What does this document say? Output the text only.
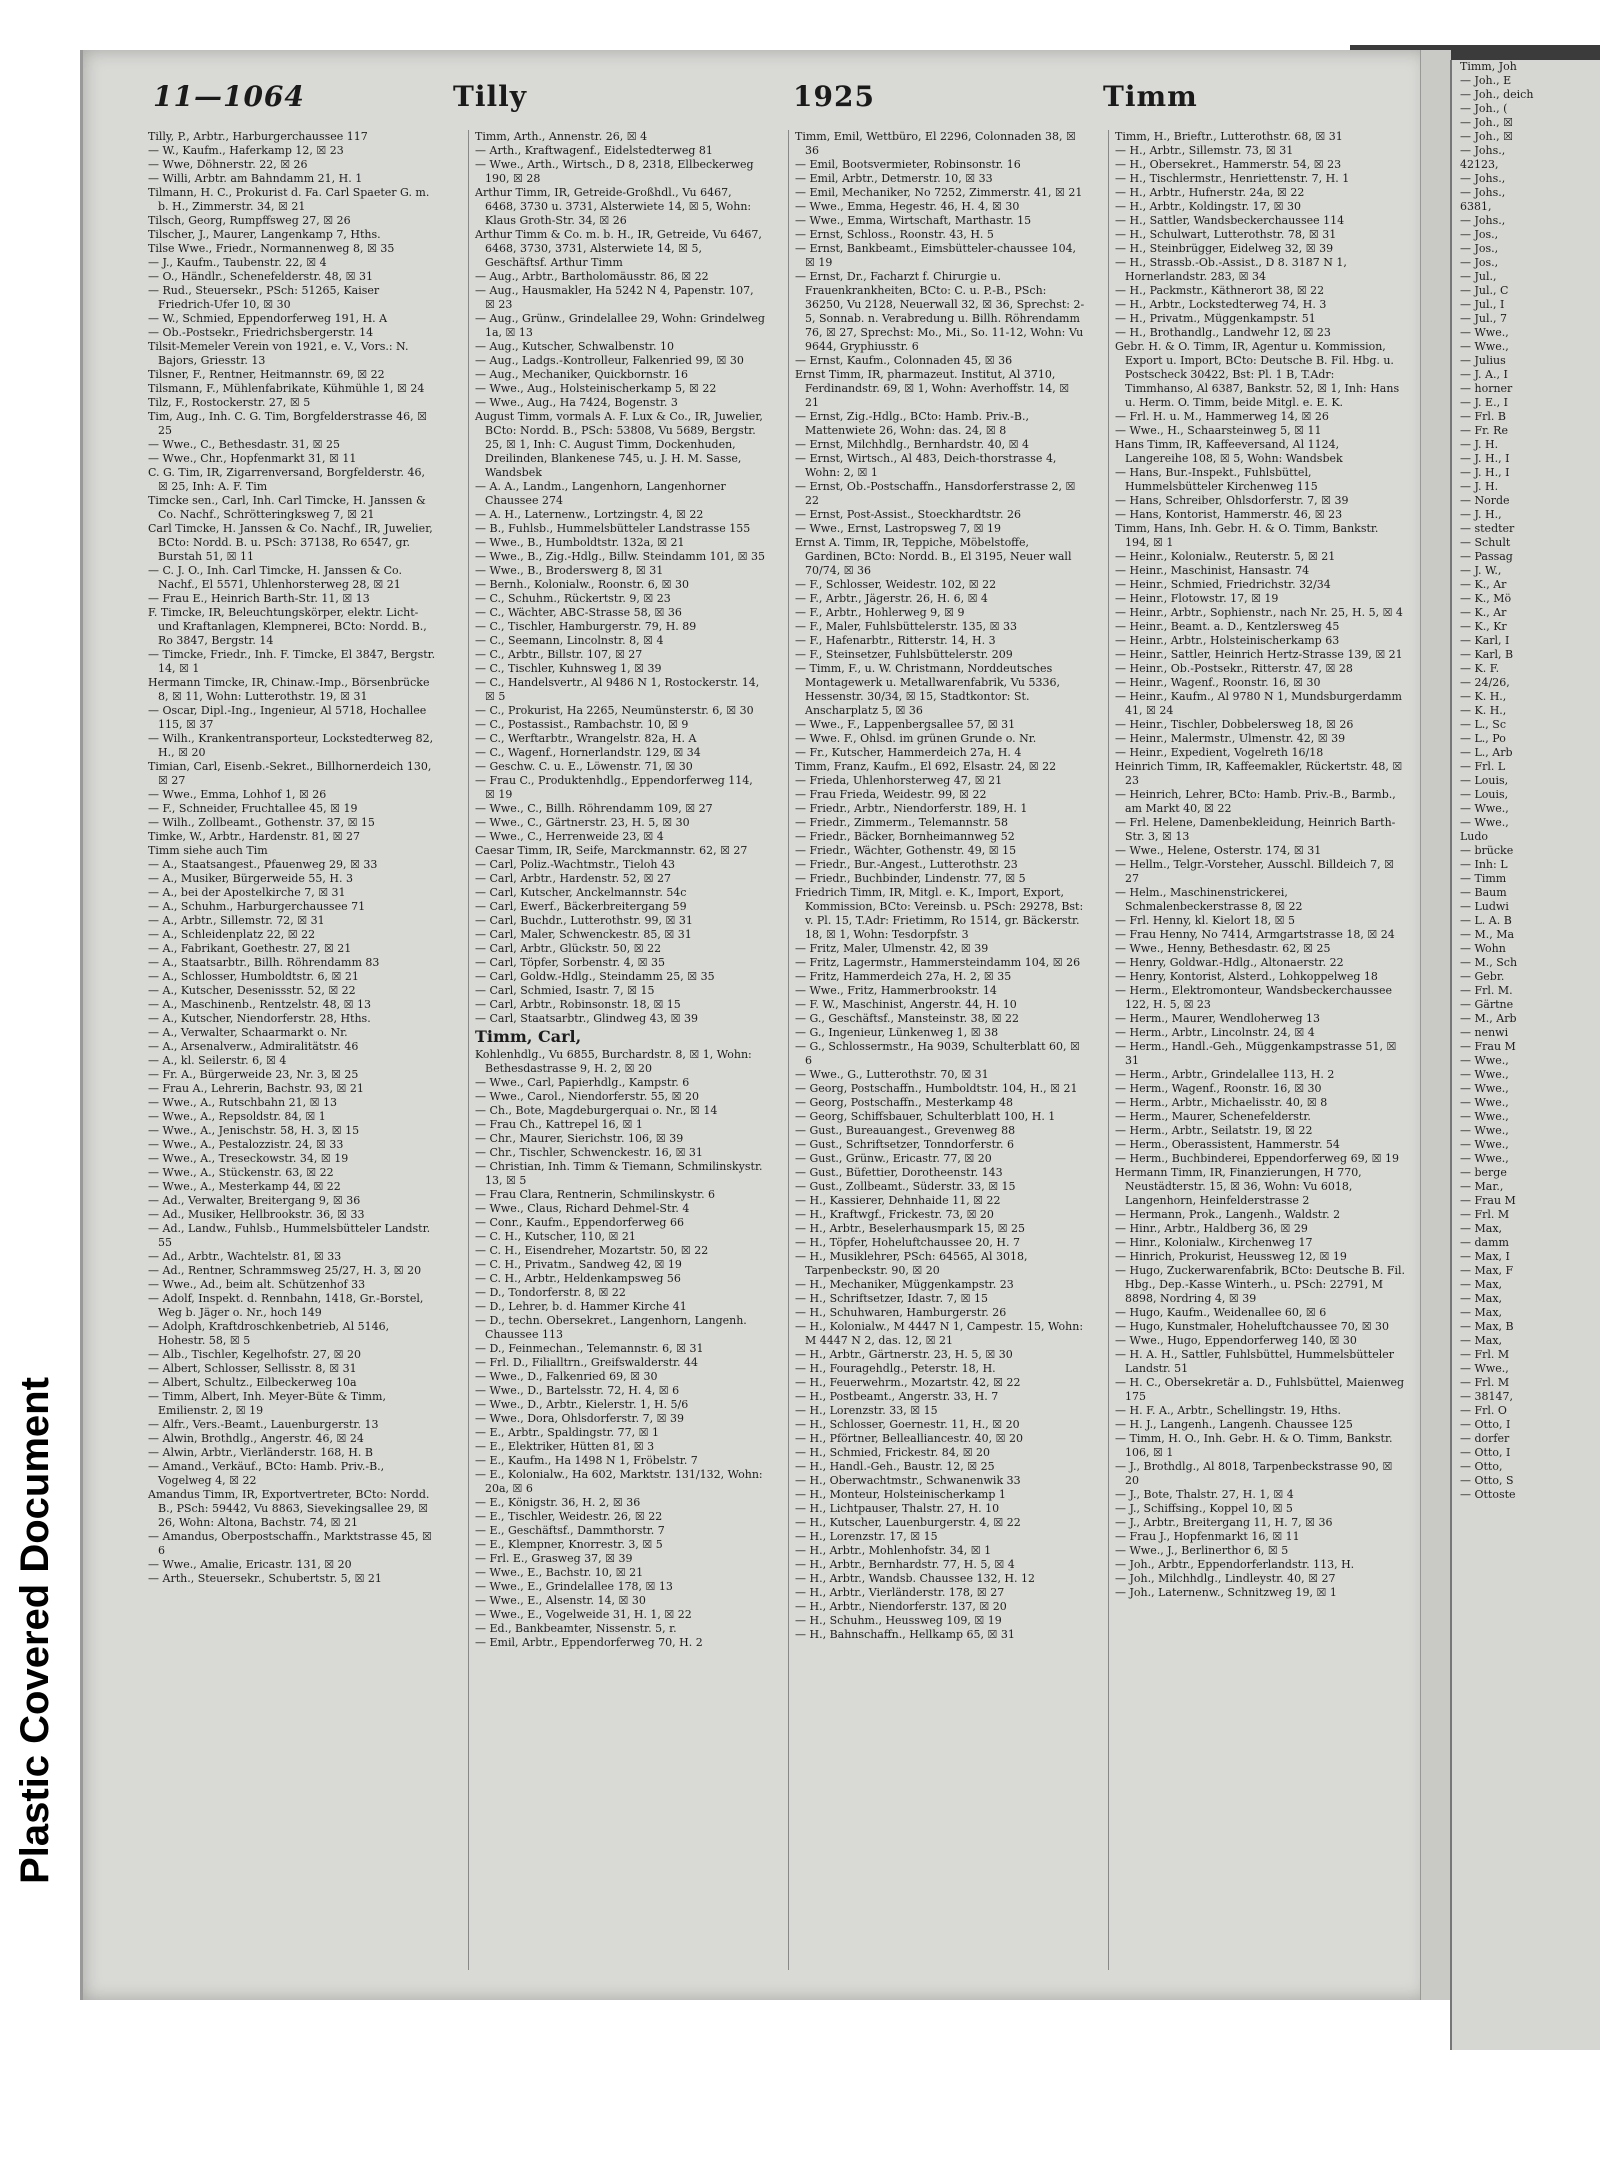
Plastic Covered Document
11—1064	Tilly	1925	Timm

Tilly, P., Arbtr., Harburgerchaussee 117

— W., Kaufm., Haferkamp 12, ☒ 23

— Wwe, Döhnerstr. 22, ☒ 26

— Willi, Arbtr. am Bahndamm 21, H. 1

Tilmann, H. C., Prokurist d. Fa. Carl Spaeter G. m. b. H., Zimmerstr. 34, ☒ 21

Tilsch, Georg, Rumpffsweg 27, ☒ 26

Tilscher, J., Maurer, Langenkamp 7, Hths.

Tilse Wwe., Friedr., Normannenweg 8, ☒ 35

— J., Kaufm., Taubenstr. 22, ☒ 4

— O., Händlr., Schenefelderstr. 48, ☒ 31

— Rud., Steuersekr., PSch: 51265, Kaiser Friedrich-Ufer 10, ☒ 30

— W., Schmied, Eppendorferweg 191, H. A

— Ob.-Postsekr., Friedrichsbergerstr. 14

Tilsit-Memeler Verein von 1921, e. V., Vors.: N. Bajors, Griesstr. 13

Tilsner, F., Rentner, Heitmannstr. 69, ☒ 22

Tilsmann, F., Mühlenfabrikate, Kühmühle 1, ☒ 24

Tilz, F., Rostockerstr. 27, ☒ 5

Tim, Aug., Inh. C. G. Tim, Borgfelderstrasse 46, ☒ 25

— Wwe., C., Bethesdastr. 31, ☒ 25

— Wwe., Chr., Hopfenmarkt 31, ☒ 11

C. G. Tim, IR, Zigarrenversand, Borgfelderstr. 46, ☒ 25, Inh: A. F. Tim

Timcke sen., Carl, Inh. Carl Timcke, H. Janssen & Co. Nachf., Schrötteringksweg 7, ☒ 21

Carl Timcke, H. Janssen & Co. Nachf., IR, Juwelier, BCto: Nordd. B. u. PSch: 37138, Ro 6547, gr. Burstah 51, ☒ 11

— C. J. O., Inh. Carl Timcke, H. Janssen & Co. Nachf., El 5571, Uhlenhorsterweg 28, ☒ 21

— Frau E., Heinrich Barth-Str. 11, ☒ 13

F. Timcke, IR, Beleuchtungskörper, elektr. Licht- und Kraftanlagen, Klempnerei, BCto: Nordd. B., Ro 3847, Bergstr. 14

— Timcke, Friedr., Inh. F. Timcke, El 3847, Bergstr. 14, ☒ 1

Hermann Timcke, IR, Chinaw.-Imp., Börsenbrücke 8, ☒ 11, Wohn: Lutterothstr. 19, ☒ 31

— Oscar, Dipl.-Ing., Ingenieur, Al 5718, Hochallee 115, ☒ 37

— Wilh., Krankentransporteur, Lockstedterweg 82, H., ☒ 20

Timian, Carl, Eisenb.-Sekret., Billhornerdeich 130, ☒ 27

— Wwe., Emma, Lohhof 1, ☒ 26

— F., Schneider, Fruchtallee 45, ☒ 19

— Wilh., Zollbeamt., Gothenstr. 37, ☒ 15

Timke, W., Arbtr., Hardenstr. 81, ☒ 27

Timm siehe auch Tim

— A., Staatsangest., Pfauenweg 29, ☒ 33

— A., Musiker, Bürgerweide 55, H. 3

— A., bei der Apostelkirche 7, ☒ 31

— A., Schuhm., Harburgerchaussee 71

— A., Arbtr., Sillemstr. 72, ☒ 31

— A., Schleidenplatz 22, ☒ 22

— A., Fabrikant, Goethestr. 27, ☒ 21

— A., Staatsarbtr., Billh. Röhrendamm 83

— A., Schlosser, Humboldtstr. 6, ☒ 21

— A., Kutscher, Desenissstr. 52, ☒ 22

— A., Maschinenb., Rentzelstr. 48, ☒ 13

— A., Kutscher, Niendorferstr. 28, Hths.

— A., Verwalter, Schaarmarkt o. Nr.

— A., Arsenalverw., Admiralitätstr. 46

— A., kl. Seilerstr. 6, ☒ 4

— Fr. A., Bürgerweide 23, Nr. 3, ☒ 25

— Frau A., Lehrerin, Bachstr. 93, ☒ 21

— Wwe., A., Rutschbahn 21, ☒ 13

— Wwe., A., Repsoldstr. 84, ☒ 1

— Wwe., A., Jenischstr. 58, H. 3, ☒ 15

— Wwe., A., Pestalozzistr. 24, ☒ 33

— Wwe., A., Treseckowstr. 34, ☒ 19

— Wwe., A., Stückenstr. 63, ☒ 22

— Wwe., A., Mesterkamp 44, ☒ 22

— Ad., Verwalter, Breitergang 9, ☒ 36

— Ad., Musiker, Hellbrookstr. 36, ☒ 33

— Ad., Landw., Fuhlsb., Hummelsbütteler Landstr. 55

— Ad., Arbtr., Wachtelstr. 81, ☒ 33

— Ad., Rentner, Schrammsweg 25/27, H. 3, ☒ 20

— Wwe., Ad., beim alt. Schützenhof 33

— Adolf, Inspekt. d. Rennbahn, 1418, Gr.-Borstel, Weg b. Jäger o. Nr., hoch 149

— Adolph, Kraftdroschkenbetrieb, Al 5146, Hohestr. 58, ☒ 5

— Alb., Tischler, Kegelhofstr. 27, ☒ 20

— Albert, Schlosser, Sellisstr. 8, ☒ 31

— Albert, Schultz., Eilbeckerweg 10a

— Timm, Albert, Inh. Meyer-Büte & Timm, Emilienstr. 2, ☒ 19

— Alfr., Vers.-Beamt., Lauenburgerstr. 13

— Alwin, Brothdlg., Angerstr. 46, ☒ 24

— Alwin, Arbtr., Vierländerstr. 168, H. B

— Amand., Verkäuf., BCto: Hamb. Priv.-B., Vogelweg 4, ☒ 22

Amandus Timm, IR, Exportvertreter, BCto: Nordd. B., PSch: 59442, Vu 8863, Sievekingsallee 29, ☒ 26, Wohn: Altona, Bachstr. 74, ☒ 21

— Amandus, Oberpostschaffn., Marktstrasse 45, ☒ 6

— Wwe., Amalie, Ericastr. 131, ☒ 20

— Arth., Steuersekr., Schubertstr. 5, ☒ 21

Timm, Arth., Annenstr. 26, ☒ 4

— Arth., Kraftwagenf., Eidelstedterweg 81

— Wwe., Arth., Wirtsch., D 8, 2318, Ellbeckerweg 190, ☒ 28

Arthur Timm, IR, Getreide-Großhdl., Vu 6467, 6468, 3730 u. 3731, Alsterwiete 14, ☒ 5, Wohn: Klaus Groth-Str. 34, ☒ 26

Arthur Timm & Co. m. b. H., IR, Getreide, Vu 6467, 6468, 3730, 3731, Alsterwiete 14, ☒ 5, Geschäftsf. Arthur Timm

— Aug., Arbtr., Bartholomäusstr. 86, ☒ 22

— Aug., Hausmakler, Ha 5242 N 4, Papenstr. 107, ☒ 23

— Aug., Grünw., Grindelallee 29, Wohn: Grindelweg 1a, ☒ 13

— Aug., Kutscher, Schwalbenstr. 10

— Aug., Ladgs.-Kontrolleur, Falkenried 99, ☒ 30

— Aug., Mechaniker, Quickbornstr. 16

— Wwe., Aug., Holsteinischerkamp 5, ☒ 22

— Wwe., Aug., Ha 7424, Bogenstr. 3

August Timm, vormals A. F. Lux & Co., IR, Juwelier, BCto: Nordd. B., PSch: 53808, Vu 5689, Bergstr. 25, ☒ 1, Inh: C. August Timm, Dockenhuden, Dreilinden, Blankenese 745, u. J. H. M. Sasse, Wandsbek

— A. A., Landm., Langenhorn, Langenhorner Chaussee 274

— A. H., Laternenw., Lortzingstr. 4, ☒ 22

— B., Fuhlsb., Hummelsbütteler Landstrasse 155

— Wwe., B., Humboldtstr. 132a, ☒ 21

— Wwe., B., Zig.-Hdlg., Billw. Steindamm 101, ☒ 35

— Wwe., B., Broderswerg 8, ☒ 31

— Bernh., Kolonialw., Roonstr. 6, ☒ 30

— C., Schuhm., Rückertstr. 9, ☒ 23

— C., Wächter, ABC-Strasse 58, ☒ 36

— C., Tischler, Hamburgerstr. 79, H. 89

— C., Seemann, Lincolnstr. 8, ☒ 4

— C., Arbtr., Billstr. 107, ☒ 27

— C., Tischler, Kuhnsweg 1, ☒ 39

— C., Handelsvertr., Al 9486 N 1, Rostockerstr. 14, ☒ 5

— C., Prokurist, Ha 2265, Neumünsterstr. 6, ☒ 30

— C., Postassist., Rambachstr. 10, ☒ 9

— C., Werftarbtr., Wrangelstr. 82a, H. A

— C., Wagenf., Hornerlandstr. 129, ☒ 34

— Geschw. C. u. E., Löwenstr. 71, ☒ 30

— Frau C., Produktenhdlg., Eppendorferweg 114, ☒ 19

— Wwe., C., Billh. Röhrendamm 109, ☒ 27

— Wwe., C., Gärtnerstr. 23, H. 5, ☒ 30

— Wwe., C., Herrenweide 23, ☒ 4

Caesar Timm, IR, Seife, Marckmannstr. 62, ☒ 27

— Carl, Poliz.-Wachtmstr., Tieloh 43

— Carl, Arbtr., Hardenstr. 52, ☒ 27

— Carl, Kutscher, Anckelmannstr. 54c

— Carl, Ewerf., Bäckerbreitergang 59

— Carl, Buchdr., Lutterothstr. 99, ☒ 31

— Carl, Maler, Schwenckestr. 85, ☒ 31

— Carl, Arbtr., Glückstr. 50, ☒ 22

— Carl, Töpfer, Sorbenstr. 4, ☒ 35

— Carl, Goldw.-Hdlg., Steindamm 25, ☒ 35

— Carl, Schmied, Isastr. 7, ☒ 15

— Carl, Arbtr., Robinsonstr. 18, ☒ 15

— Carl, Staatsarbtr., Glindweg 43, ☒ 39

Timm, Carl,

Kohlenhdlg., Vu 6855, Burchardstr. 8, ☒ 1, Wohn: Bethesdastrasse 9, H. 2, ☒ 20

— Wwe., Carl, Papierhdlg., Kampstr. 6

— Wwe., Carol., Niendorferstr. 55, ☒ 20

— Ch., Bote, Magdeburgerquai o. Nr., ☒ 14

— Frau Ch., Kattrepel 16, ☒ 1

— Chr., Maurer, Sierichstr. 106, ☒ 39

— Chr., Tischler, Schwenckestr. 16, ☒ 31

— Christian, Inh. Timm & Tiemann, Schmilinskystr. 13, ☒ 5

— Frau Clara, Rentnerin, Schmilinskystr. 6

— Wwe., Claus, Richard Dehmel-Str. 4

— Conr., Kaufm., Eppendorferweg 66

— C. H., Kutscher, 110, ☒ 21

— C. H., Eisendreher, Mozartstr. 50, ☒ 22

— C. H., Privatm., Sandweg 42, ☒ 19

— C. H., Arbtr., Heldenkampsweg 56

— D., Tondorferstr. 8, ☒ 22

— D., Lehrer, b. d. Hammer Kirche 41

— D., techn. Obersekret., Langenhorn, Langenh. Chaussee 113

— D., Feinmechan., Telemannstr. 6, ☒ 31

— Frl. D., Filialltrn., Greifswalderstr. 44

— Wwe., D., Falkenried 69, ☒ 30

— Wwe., D., Bartelsstr. 72, H. 4, ☒ 6

— Wwe., D., Arbtr., Kielerstr. 1, H. 5/6

— Wwe., Dora, Ohlsdorferstr. 7, ☒ 39

— E., Arbtr., Spaldingstr. 77, ☒ 1

— E., Elektriker, Hütten 81, ☒ 3

— E., Kaufm., Ha 1498 N 1, Fröbelstr. 7

— E., Kolonialw., Ha 602, Marktstr. 131/132, Wohn: 20a, ☒ 6

— E., Königstr. 36, H. 2, ☒ 36

— E., Tischler, Weidestr. 26, ☒ 22

— E., Geschäftsf., Dammthorstr. 7

— E., Klempner, Knorrestr. 3, ☒ 5

— Frl. E., Grasweg 37, ☒ 39

— Wwe., E., Bachstr. 10, ☒ 21

— Wwe., E., Grindelallee 178, ☒ 13

— Wwe., E., Alsenstr. 14, ☒ 30

— Wwe., E., Vogelweide 31, H. 1, ☒ 22

— Ed., Bankbeamter, Nissenstr. 5, r.

— Emil, Arbtr., Eppendorferweg 70, H. 2

Timm, Emil, Wettbüro, El 2296, Colonnaden 38, ☒ 36

— Emil, Bootsvermieter, Robinsonstr. 16

— Emil, Arbtr., Detmerstr. 10, ☒ 33

— Emil, Mechaniker, No 7252, Zimmerstr. 41, ☒ 21

— Wwe., Emma, Hegestr. 46, H. 4, ☒ 30

— Wwe., Emma, Wirtschaft, Marthastr. 15

— Ernst, Schloss., Roonstr. 43, H. 5

— Ernst, Bankbeamt., Eimsbütteler-chaussee 104, ☒ 19

— Ernst, Dr., Facharzt f. Chirurgie u. Frauenkrankheiten, BCto: C. u. P.-B., PSch: 36250, Vu 2128, Neuerwall 32, ☒ 36, Sprechst: 2-5, Sonnab. n. Verabredung u. Billh. Röhrendamm 76, ☒ 27, Sprechst: Mo., Mi., So. 11-12, Wohn: Vu 9644, Gryphiusstr. 6

— Ernst, Kaufm., Colonnaden 45, ☒ 36

Ernst Timm, IR, pharmazeut. Institut, Al 3710, Ferdinandstr. 69, ☒ 1, Wohn: Averhoffstr. 14, ☒ 21

— Ernst, Zig.-Hdlg., BCto: Hamb. Priv.-B., Mattenwiete 26, Wohn: das. 24, ☒ 8

— Ernst, Milchhdlg., Bernhardstr. 40, ☒ 4

— Ernst, Wirtsch., Al 483, Deich-thorstrasse 4, Wohn: 2, ☒ 1

— Ernst, Ob.-Postschaffn., Hansdorferstrasse 2, ☒ 22

— Ernst, Post-Assist., Stoeckhardtstr. 26

— Wwe., Ernst, Lastropsweg 7, ☒ 19

Ernst A. Timm, IR, Teppiche, Möbelstoffe, Gardinen, BCto: Nordd. B., El 3195, Neuer wall 70/74, ☒ 36

— F., Schlosser, Weidestr. 102, ☒ 22

— F., Arbtr., Jägerstr. 26, H. 6, ☒ 4

— F., Arbtr., Hohlerweg 9, ☒ 9

— F., Maler, Fuhlsbüttelerstr. 135, ☒ 33

— F., Hafenarbtr., Ritterstr. 14, H. 3

— F., Steinsetzer, Fuhlsbüttelerstr. 209

— Timm, F., u. W. Christmann, Norddeutsches Montagewerk u. Metallwarenfabrik, Vu 5336, Hessenstr. 30/34, ☒ 15, Stadtkontor: St. Anscharplatz 5, ☒ 36

— Wwe., F., Lappenbergsallee 57, ☒ 31

— Wwe. F., Ohlsd. im grünen Grunde o. Nr.

— Fr., Kutscher, Hammerdeich 27a, H. 4

Timm, Franz, Kaufm., El 692, Elsastr. 24, ☒ 22

— Frieda, Uhlenhorsterweg 47, ☒ 21

— Frau Frieda, Weidestr. 99, ☒ 22

— Friedr., Arbtr., Niendorferstr. 189, H. 1

— Friedr., Zimmerm., Telemannstr. 58

— Friedr., Bäcker, Bornheimannweg 52

— Friedr., Wächter, Gothenstr. 49, ☒ 15

— Friedr., Bur.-Angest., Lutterothstr. 23

— Friedr., Buchbinder, Lindenstr. 77, ☒ 5

Friedrich Timm, IR, Mitgl. e. K., Import, Export, Kommission, BCto: Vereinsb. u. PSch: 29278, Bst: v. Pl. 15, T.Adr: Frietimm, Ro 1514, gr. Bäckerstr. 18, ☒ 1, Wohn: Tesdorpfstr. 3

— Fritz, Maler, Ulmenstr. 42, ☒ 39

— Fritz, Lagermstr., Hammersteindamm 104, ☒ 26

— Fritz, Hammerdeich 27a, H. 2, ☒ 35

— Wwe., Fritz, Hammerbrookstr. 14

— F. W., Maschinist, Angerstr. 44, H. 10

— G., Geschäftsf., Mansteinstr. 38, ☒ 22

— G., Ingenieur, Lünkenweg 1, ☒ 38

— G., Schlossermstr., Ha 9039, Schulterblatt 60, ☒ 6

— Wwe., G., Lutterothstr. 70, ☒ 31

— Georg, Postschaffn., Humboldtstr. 104, H., ☒ 21

— Georg, Postschaffn., Mesterkamp 48

— Georg, Schiffsbauer, Schulterblatt 100, H. 1

— Gust., Bureauangest., Grevenweg 88

— Gust., Schriftsetzer, Tonndorferstr. 6

— Gust., Grünw., Ericastr. 77, ☒ 20

— Gust., Büfettier, Dorotheenstr. 143

— Gust., Zollbeamt., Süderstr. 33, ☒ 15

— H., Kassierer, Dehnhaide 11, ☒ 22

— H., Kraftwgf., Frickestr. 73, ☒ 20

— H., Arbtr., Beselerhausmpark 15, ☒ 25

— H., Töpfer, Hoheluftchaussee 20, H. 7

— H., Musiklehrer, PSch: 64565, Al 3018, Tarpenbeckstr. 90, ☒ 20

— H., Mechaniker, Müggenkampstr. 23

— H., Schriftsetzer, Idastr. 7, ☒ 15

— H., Schuhwaren, Hamburgerstr. 26

— H., Kolonialw., M 4447 N 1, Campestr. 15, Wohn: M 4447 N 2, das. 12, ☒ 21

— H., Arbtr., Gärtnerstr. 23, H. 5, ☒ 30

— H., Fouragehdlg., Peterstr. 18, H.

— H., Feuerwehrm., Mozartstr. 42, ☒ 22

— H., Postbeamt., Angerstr. 33, H. 7

— H., Lorenzstr. 33, ☒ 15

— H., Schlosser, Goernestr. 11, H., ☒ 20

— H., Pförtner, Bellealliancestr. 40, ☒ 20

— H., Schmied, Frickestr. 84, ☒ 20

— H., Handl.-Geh., Baustr. 12, ☒ 25

— H., Oberwachtmstr., Schwanenwik 33

— H., Monteur, Holsteinischerkamp 1

— H., Lichtpauser, Thalstr. 27, H. 10

— H., Kutscher, Lauenburgerstr. 4, ☒ 22

— H., Lorenzstr. 17, ☒ 15

— H., Arbtr., Mohlenhofstr. 34, ☒ 1

— H., Arbtr., Bernhardstr. 77, H. 5, ☒ 4

— H., Arbtr., Wandsb. Chaussee 132, H. 12

— H., Arbtr., Vierländerstr. 178, ☒ 27

— H., Arbtr., Niendorferstr. 137, ☒ 20

— H., Schuhm., Heussweg 109, ☒ 19

— H., Bahnschaffn., Hellkamp 65, ☒ 31

Timm, H., Brieftr., Lutterothstr. 68, ☒ 31

— H., Arbtr., Sillemstr. 73, ☒ 31

— H., Obersekret., Hammerstr. 54, ☒ 23

— H., Tischlermstr., Henriettenstr. 7, H. 1

— H., Arbtr., Hufnerstr. 24a, ☒ 22

— H., Arbtr., Koldingstr. 17, ☒ 30

— H., Sattler, Wandsbeckerchaussee 114

— H., Schulwart, Lutterothstr. 78, ☒ 31

— H., Steinbrügger, Eidelweg 32, ☒ 39

— H., Strassb.-Ob.-Assist., D 8. 3187 N 1, Hornerlandstr. 283, ☒ 34

— H., Packmstr., Käthnerort 38, ☒ 22

— H., Arbtr., Lockstedterweg 74, H. 3

— H., Privatm., Müggenkampstr. 51

— H., Brothandlg., Landwehr 12, ☒ 23

Gebr. H. & O. Timm, IR, Agentur u. Kommission, Export u. Import, BCto: Deutsche B. Fil. Hbg. u. Postscheck 30422, Bst: Pl. 1 B, T.Adr: Timmhanso, Al 6387, Bankstr. 52, ☒ 1, Inh: Hans u. Herm. O. Timm, beide Mitgl. e. E. K.

— Frl. H. u. M., Hammerweg 14, ☒ 26

— Wwe., H., Schaarsteinweg 5, ☒ 11

Hans Timm, IR, Kaffeeversand, Al 1124, Langereihe 108, ☒ 5, Wohn: Wandsbek

— Hans, Bur.-Inspekt., Fuhlsbüttel, Hummelsbütteler Kirchenweg 115

— Hans, Schreiber, Ohlsdorferstr. 7, ☒ 39

— Hans, Kontorist, Hammerstr. 46, ☒ 23

Timm, Hans, Inh. Gebr. H. & O. Timm, Bankstr. 194, ☒ 1

— Heinr., Kolonialw., Reuterstr. 5, ☒ 21

— Heinr., Maschinist, Hansastr. 74

— Heinr., Schmied, Friedrichstr. 32/34

— Heinr., Flotowstr. 17, ☒ 19

— Heinr., Arbtr., Sophienstr., nach Nr. 25, H. 5, ☒ 4

— Heinr., Beamt. a. D., Kentzlersweg 45

— Heinr., Arbtr., Holsteinischerkamp 63

— Heinr., Sattler, Heinrich Hertz-Strasse 139, ☒ 21

— Heinr., Ob.-Postsekr., Ritterstr. 47, ☒ 28

— Heinr., Wagenf., Roonstr. 16, ☒ 30

— Heinr., Kaufm., Al 9780 N 1, Mundsburgerdamm 41, ☒ 24

— Heinr., Tischler, Dobbelersweg 18, ☒ 26

— Heinr., Malermstr., Ulmenstr. 42, ☒ 39

— Heinr., Expedient, Vogelreth 16/18

Heinrich Timm, IR, Kaffeemakler, Rückertstr. 48, ☒ 23

— Heinrich, Lehrer, BCto: Hamb. Priv.-B., Barmb., am Markt 40, ☒ 22

— Frl. Helene, Damenbekleidung, Heinrich Barth-Str. 3, ☒ 13

— Wwe., Helene, Osterstr. 174, ☒ 31

— Hellm., Telgr.-Vorsteher, Ausschl. Billdeich 7, ☒ 27

— Helm., Maschinenstrickerei, Schmalenbeckerstrasse 8, ☒ 22

— Frl. Henny, kl. Kielort 18, ☒ 5

— Frau Henny, No 7414, Armgartstrasse 18, ☒ 24

— Wwe., Henny, Bethesdastr. 62, ☒ 25

— Henry, Goldwar.-Hdlg., Altonaerstr. 22

— Henry, Kontorist, Alsterd., Lohkoppelweg 18

— Herm., Elektromonteur, Wandsbeckerchaussee 122, H. 5, ☒ 23

— Herm., Maurer, Wendloherweg 13

— Herm., Arbtr., Lincolnstr. 24, ☒ 4

— Herm., Handl.-Geh., Müggenkampstrasse 51, ☒ 31

— Herm., Arbtr., Grindelallee 113, H. 2

— Herm., Wagenf., Roonstr. 16, ☒ 30

— Herm., Arbtr., Michaelisstr. 40, ☒ 8

— Herm., Maurer, Schenefelderstr.

— Herm., Arbtr., Seilatstr. 19, ☒ 22

— Herm., Oberassistent, Hammerstr. 54

— Herm., Buchbinderei, Eppendorferweg 69, ☒ 19

Hermann Timm, IR, Finanzierungen, H 770, Neustädterstr. 15, ☒ 36, Wohn: Vu 6018, Langenhorn, Heinfelderstrasse 2

— Hermann, Prok., Langenh., Waldstr. 2

— Hinr., Arbtr., Haldberg 36, ☒ 29

— Hinr., Kolonialw., Kirchenweg 17

— Hinrich, Prokurist, Heussweg 12, ☒ 19

— Hugo, Zuckerwarenfabrik, BCto: Deutsche B. Fil. Hbg., Dep.-Kasse Winterh., u. PSch: 22791, M 8898, Nordring 4, ☒ 39

— Hugo, Kaufm., Weidenallee 60, ☒ 6

— Hugo, Kunstmaler, Hoheluftchaussee 70, ☒ 30

— Wwe., Hugo, Eppendorferweg 140, ☒ 30

— H. A. H., Sattler, Fuhlsbüttel, Hummelsbütteler Landstr. 51

— H. C., Obersekretär a. D., Fuhlsbüttel, Maienweg 175

— H. F. A., Arbtr., Schellingstr. 19, Hths.

— H. J., Langenh., Langenh. Chaussee 125

— Timm, H. O., Inh. Gebr. H. & O. Timm, Bankstr. 106, ☒ 1

— J., Brothdlg., Al 8018, Tarpenbeckstrasse 90, ☒ 20

— J., Bote, Thalstr. 27, H. 1, ☒ 4

— J., Schiffsing., Koppel 10, ☒ 5

— J., Arbtr., Breitergang 11, H. 7, ☒ 36

— Frau J., Hopfenmarkt 16, ☒ 11

— Wwe., J., Berlinerthor 6, ☒ 5

— Joh., Arbtr., Eppendorferlandstr. 113, H.

— Joh., Milchhdlg., Lindleystr. 40, ☒ 27

— Joh., Laternenw., Schnitzweg 19, ☒ 1

Timm, Joh

— Joh., E

— Joh., deich

— Joh., (

— Joh., ☒

— Joh., ☒

— Johs.,

42123,

— Johs.,

— Johs.,

6381,

— Johs.,

— Jos.,

— Jos.,

— Jos.,

— Jul.,

— Jul., C

— Jul., I

— Jul., 7

— Wwe.,

— Wwe.,

— Julius

— J. A., I

— horner

— J. E., I

— Frl. B

— Fr. Re

— J. H.

— J. H., I

— J. H., I

— J. H.

— Norde

— J. H.,

— stedter

— Schult

— Passag

— J. W.,

— K., Ar

— K., Mö

— K., Ar

— K., Kr

— Karl, I

— Karl, B

— K. F.

— 24/26,

— K. H.,

— K. H.,

— L., Sc

— L., Po

— L., Arb

— Frl. L

— Louis,

— Louis,

— Wwe.,

— Wwe.,

Ludo

— brücke

— Inh: L

— Timm

— Baum

— Ludwi

— L. A. B

— M., Ma

— Wohn

— M., Sch

— Gebr.

— Frl. M.

— Gärtne

— M., Arb

— nenwi

— Frau M

— Wwe.,

— Wwe.,

— Wwe.,

— Wwe.,

— Wwe.,

— Wwe.,

— Wwe.,

— Wwe.,

— berge

— Mar.,

— Frau M

— Frl. M

— Max,

— damm

— Max, I

— Max, F

— Max,

— Max,

— Max,

— Max, B

— Max,

— Frl. M

— Wwe.,

— Frl. M

— 38147,

— Frl. O

— Otto, I

— dorfer

— Otto, I

— Otto,

— Otto, S

— Ottoste
